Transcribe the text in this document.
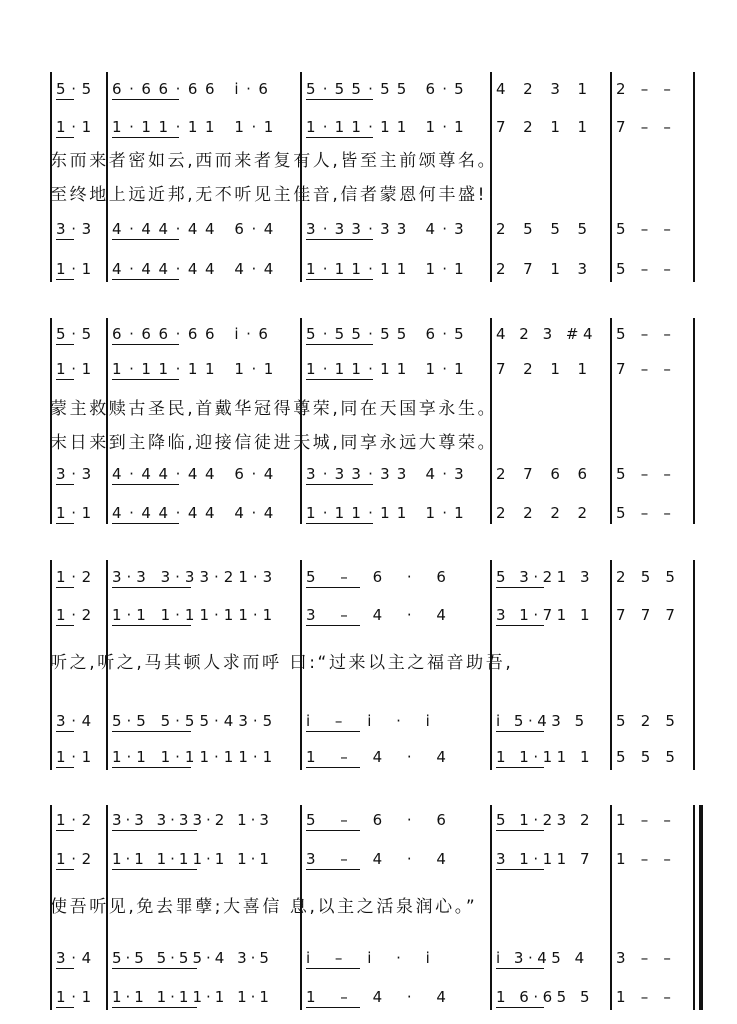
5·5 6·66·66 i·6	5·55·55 6·5	4 2 3 1	2 – –
1·1 1·11·11 1·1	1·11·11 1·1	7 2 1 1	7 – –
3·3 4·44·44 6·4	3·33·33 4·3	2 5 5 5	5 – –
1·1 4·44·44 4·4	1·11·11 1·1	2 7 1 3	5 – –
东而来者密如云,西而来者复有人,皆至主前颂尊名。
至终地上远近邦,无不听见主佳音,信者蒙恩何丰盛!
5·5 6·66·66 i·6	5·55·55 6·5	4 2 3 #4	5 – –
1·1 1·11·11 1·1	1·11·11 1·1	7 2 1 1	7 – –
3·3 4·44·44 6·4	3·33·33 4·3	2 7 6 6	5 – –
1·1 4·44·44 4·4	1·11·11 1·1	2 2 2 2	5 – –
蒙主救赎古圣民,首戴华冠得尊荣,同在天国享永生。
末日来到主降临,迎接信徒进天城,同享永远大尊荣。
1·2 3·3 3·33·21·3	5 – 6 · 6	5 3·21 3	2 5 5
1·2 1·1 1·11·11·1	3 – 4 · 4	3 1·71 1	7 7 7
3·4 5·5 5·55·43·5	i – i · i	i 5·43 5	5 2 5
1·1 1·1 1·11·11·1	1 – 4 · 4	1 1·11 1	5 5 5
听之,听之,马其顿人求而呼 曰:“过来以主之福音助吾,
1·2 3·3 3·33·2 1·3	5 – 6 · 6	5 1·23 2	1 – –
1·2 1·1 1·11·1 1·1	3 – 4 · 4	3 1·11 7	1 – –
3·4 5·5 5·55·4 3·5	i – i · i	i 3·45 4	3 – –
1·1 1·1 1·11·1 1·1	1 – 4 · 4	1 6·65 5	1 – –
使吾听见,免去罪孽;大喜信 息,以主之活泉润心。”
